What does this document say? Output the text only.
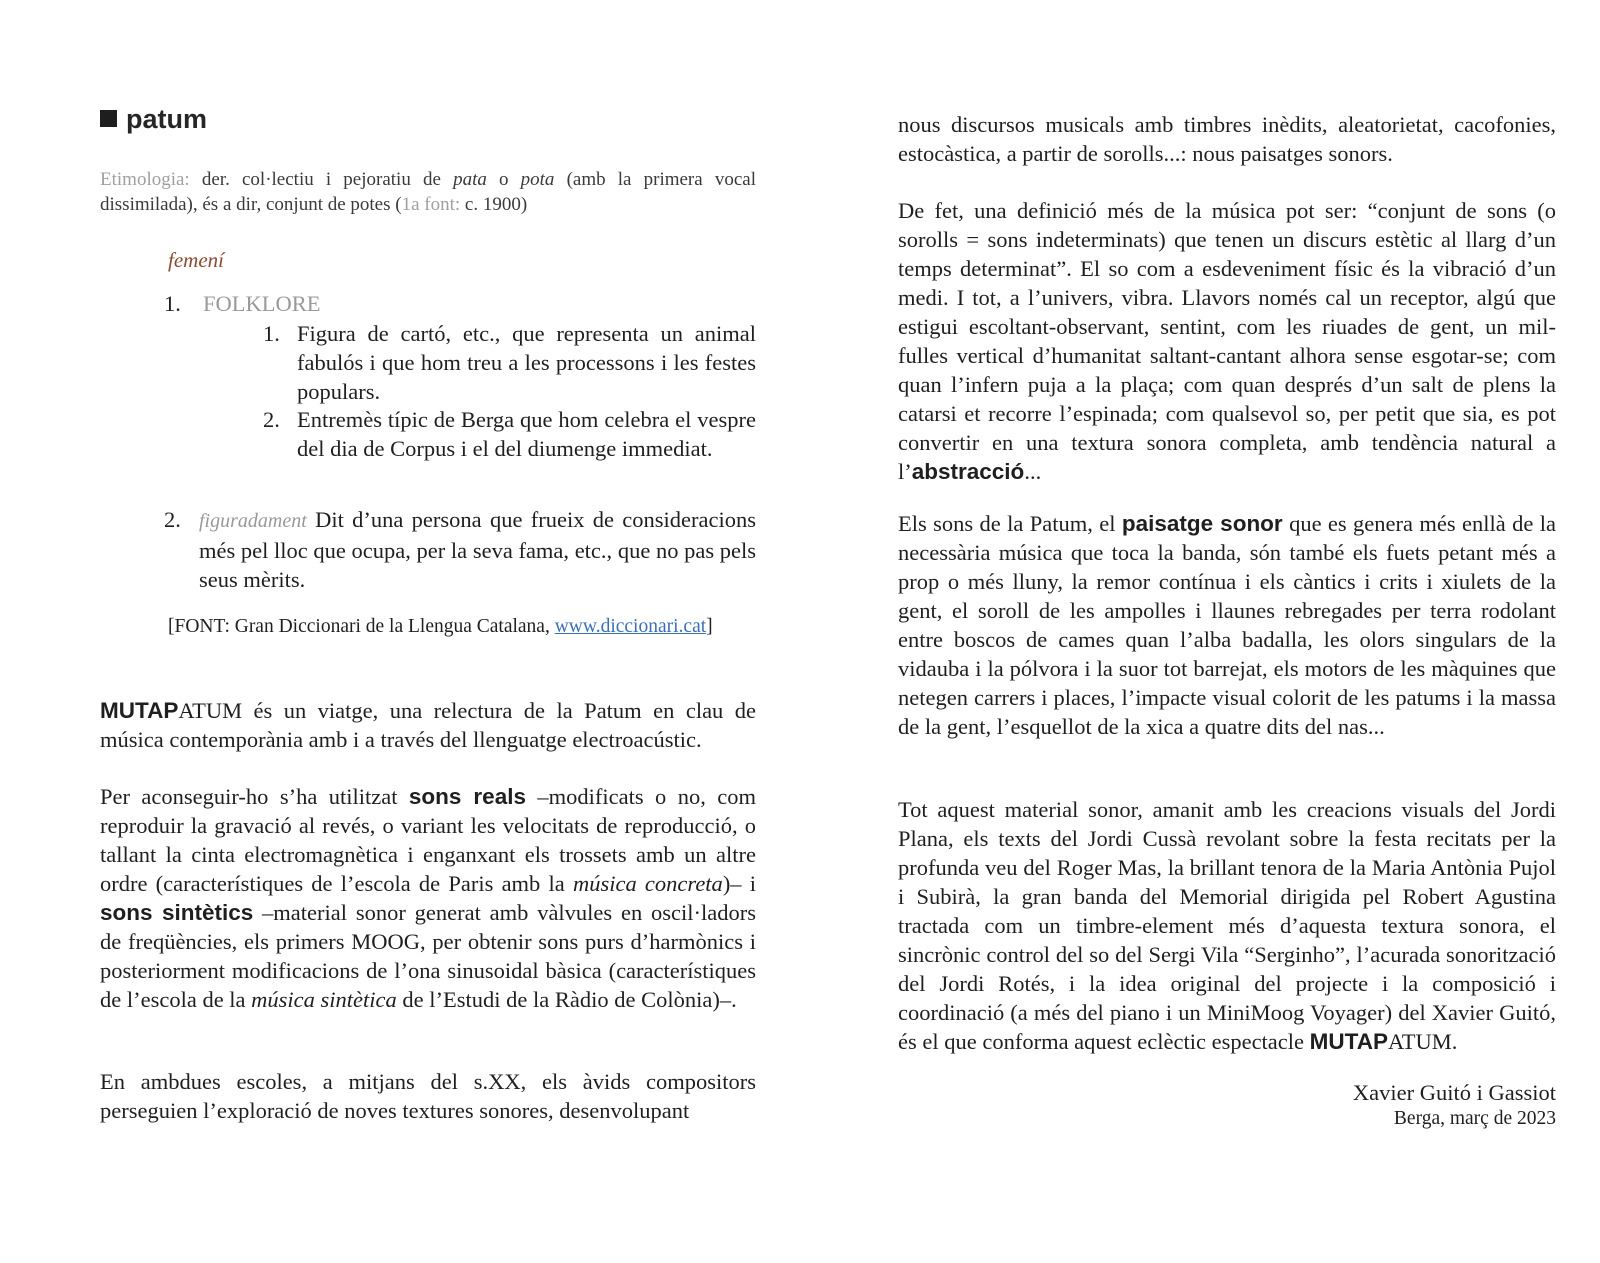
patum

Etimologia: der. col·lectiu i pejoratiu de pata o pota (amb la primera vocal dissimilada), és a dir, conjunt de potes (1a font: c. 1900)

femení
1. FOLKLORE
1. Figura de cartó, etc., que representa un animal fabulós i que hom treu a les processons i les festes populars.

2. Entremès típic de Berga que hom celebra el vespre del dia de Corpus i el del diumenge immediat.

2. figuradament Dit d’una persona que frueix de consideracions més pel lloc que ocupa, per la seva fama, etc., que no pas pels seus mèrits.

[FONT: Gran Diccionari de la Llengua Catalana, www.diccionari.cat]

MUTAPATUM és un viatge, una relectura de la Patum en clau de música contemporània amb i a través del llenguatge electroacústic.

Per aconseguir-ho s’ha utilitzat sons reals –modificats o no, com reproduir la gravació al revés, o variant les velocitats de reproducció, o tallant la cinta electromagnètica i enganxant els trossets amb un altre ordre (característiques de l’escola de Paris amb la música concreta)– i sons sintètics –material sonor generat amb vàlvules en oscil·ladors de freqüències, els primers MOOG, per obtenir sons purs d’harmònics i posteriorment modificacions de l’ona sinusoidal bàsica (característiques de l’escola de la música sintètica de l’Estudi de la Ràdio de Colònia)–.

En ambdues escoles, a mitjans del s.XX, els àvids compositors perseguien l’exploració de noves textures sonores, desenvolupant

nous discursos musicals amb timbres inèdits, aleatorietat, cacofonies, estocàstica, a partir de sorolls...: nous paisatges sonors.

De fet, una definició més de la música pot ser: “conjunt de sons (o sorolls = sons indeterminats) que tenen un discurs estètic al llarg d’un temps determinat”. El so com a esdeveniment físic és la vibració d’un medi. I tot, a l’univers, vibra. Llavors només cal un receptor, algú que estigui escoltant-observant, sentint, com les riuades de gent, un mil-fulles vertical d’humanitat saltant-cantant alhora sense esgotar-se; com quan l’infern puja a la plaça; com quan després d’un salt de plens la catarsi et recorre l’espinada; com qualsevol so, per petit que sia, es pot convertir en una textura sonora completa, amb tendència natural a l’abstracció...

Els sons de la Patum, el paisatge sonor que es genera més enllà de la necessària música que toca la banda, són també els fuets petant més a prop o més lluny, la remor contínua i els càntics i crits i xiulets de la gent, el soroll de les ampolles i llaunes rebregades per terra rodolant entre boscos de cames quan l’alba badalla, les olors singulars de la vidauba i la pólvora i la suor tot barrejat, els motors de les màquines que netegen carrers i places, l’impacte visual colorit de les patums i la massa de la gent, l’esquellot de la xica a quatre dits del nas...

Tot aquest material sonor, amanit amb les creacions visuals del Jordi Plana, els texts del Jordi Cussà revolant sobre la festa recitats per la profunda veu del Roger Mas, la brillant tenora de la Maria Antònia Pujol i Subirà, la gran banda del Memorial dirigida pel Robert Agustina tractada com un timbre-element més d’aquesta textura sonora, el sincrònic control del so del Sergi Vila “Serginho”, l’acurada sonorització del Jordi Rotés, i la idea original del projecte i la composició i coordinació (a més del piano i un MiniMoog Voyager) del Xavier Guitó, és el que conforma aquest eclèctic espectacle MUTAPATUM.

Xavier Guitó i Gassiot
Berga, març de 2023
